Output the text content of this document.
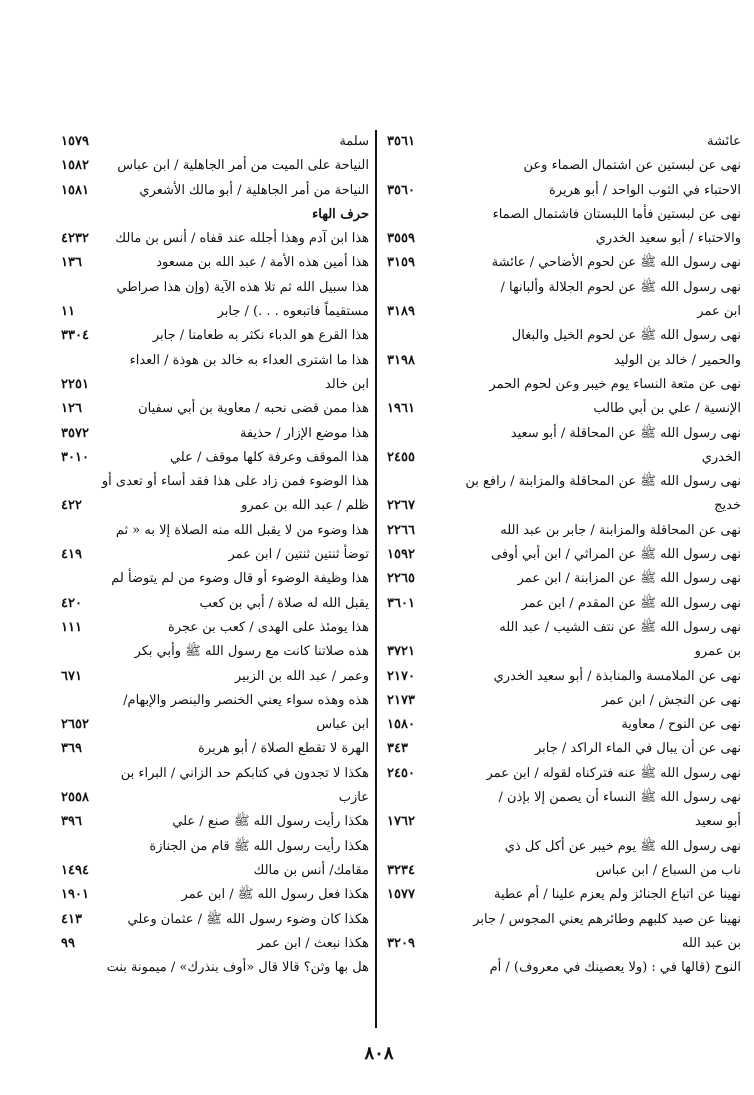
عائشة
٣٥٦١
نهى عن لبستين عن اشتمال الصماء وعن
الاحتباء في الثوب الواحد / أبو هريرة
٣٥٦٠
نهى عن لبستين فأما اللبستان فاشتمال الصماء
والاحتباء / أبو سعيد الخدري
٣٥٥٩
نهى رسول الله ﷺ عن لحوم الأضاحي / عائشة
٣١٥٩
نهى رسول الله ﷺ عن لحوم الجلالة وألبانها /
ابن عمر
٣١٨٩
نهى رسول الله ﷺ عن لحوم الخيل والبغال
والحمير / خالد بن الوليد
٣١٩٨
نهى عن متعة النساء يوم خيبر وعن لحوم الحمر
الإنسية / علي بن أبي طالب
١٩٦١
نهى رسول الله ﷺ عن المحاقلة / أبو سعيد
الخدري
٢٤٥٥
نهى رسول الله ﷺ عن المحاقلة والمزابنة / رافع بن
خديج
٢٢٦٧
نهى عن المحاقلة والمزابنة / جابر بن عبد الله
٢٢٦٦
نهى رسول الله ﷺ عن المراثي / ابن أبي أوفى
١٥٩٢
نهى رسول الله ﷺ عن المزابنة / ابن عمر
٢٢٦٥
نهى رسول الله ﷺ عن المقدم / ابن عمر
٣٦٠١
نهى رسول الله ﷺ عن نتف الشيب / عبد الله
بن عمرو
٣٧٢١
نهى عن الملامسة والمنابذة / أبو سعيد الخدري
٢١٧٠
نهى عن النجش / ابن عمر
٢١٧٣
نهى عن النوح / معاوية
١٥٨٠
نهى عن أن يبال في الماء الراكد / جابر
٣٤٣
نهى رسول الله ﷺ عنه فتركناه لقوله / ابن عمر
٢٤٥٠
نهى رسول الله ﷺ النساء أن يصمن إلا بإذن /
أبو سعيد
١٧٦٢
نهى رسول الله ﷺ يوم خيبر عن أكل كل ذي
ناب من السباع / ابن عباس
٣٢٣٤
نهينا عن اتباع الجنائز ولم يعزم علينا / أم عطية
١٥٧٧
نهينا عن صيد كلبهم وطائرهم يعني المجوس / جابر
بن عبد الله
٣٢٠٩
النوح (قالها في : (ولا يعصينك في معروف) / أم
سلمة
١٥٧٩
النياحة على الميت من أمر الجاهلية / ابن عباس
١٥٨٢
النياحة من أمر الجاهلية / أبو مالك الأشعري
١٥٨١
حرف الهاء
هذا ابن آدم وهذا أجلله عند قفاه / أنس بن مالك
٤٢٣٢
هذا أمين هذه الأمة / عبد الله بن مسعود
١٣٦
هذا سبيل الله ثم تلا هذه الآية (وإن هذا صراطي
مستقيماً فاتبعوه . . .) / جابر
١١
هذا القرع هو الدباء نكثر به طعامنا / جابر
٣٣٠٤
هذا ما اشترى العداء به خالد بن هوذة / العداء
ابن خالد
٢٢٥١
هذا ممن قضى نحبه / معاوية بن أبي سفيان
١٢٦
هذا موضع الإزار / حذيفة
٣٥٧٢
هذا الموقف وعرفة كلها موقف / علي
٣٠١٠
هذا الوضوء فمن زاد على هذا فقد أساء أو تعدى أو
ظلم / عبد الله بن عمرو
٤٢٢
هذا وضوء من لا يقبل الله منه الصلاة إلا به « ثم
توضأ ثنتين ثنتين / ابن عمر
٤١٩
هذا وظيفة الوضوء أو قال وضوء من لم يتوضأ لم
يقبل الله له صلاة / أبي بن كعب
٤٢٠
هذا يومئذ على الهدى / كعب بن عجرة
١١١
هذه صلاتنا كانت مع رسول الله ﷺ وأبي بكر
وعمر / عبد الله بن الزبير
٦٧١
هذه وهذه سواء يعني الخنصر والبنصر والإبهام/
ابن عباس
٢٦٥٢
الهرة لا تقطع الصلاة / أبو هريرة
٣٦٩
هكذا لا تجدون في كتابكم حد الزاني / البراء بن
عازب
٢٥٥٨
هكذا رأيت رسول الله ﷺ صنع / علي
٣٩٦
هكذا رأيت رسول الله ﷺ قام من الجنازة
مقامك/ أنس بن مالك
١٤٩٤
هكذا فعل رسول الله ﷺ / ابن عمر
١٩٠١
هكذا كان وضوء رسول الله ﷺ / عثمان وعلي
٤١٣
هكذا نبعث / ابن عمر
٩٩
هل بها وثن؟ قالا قال «أوف بنذرك» / ميمونة بنت
٨٠٨
